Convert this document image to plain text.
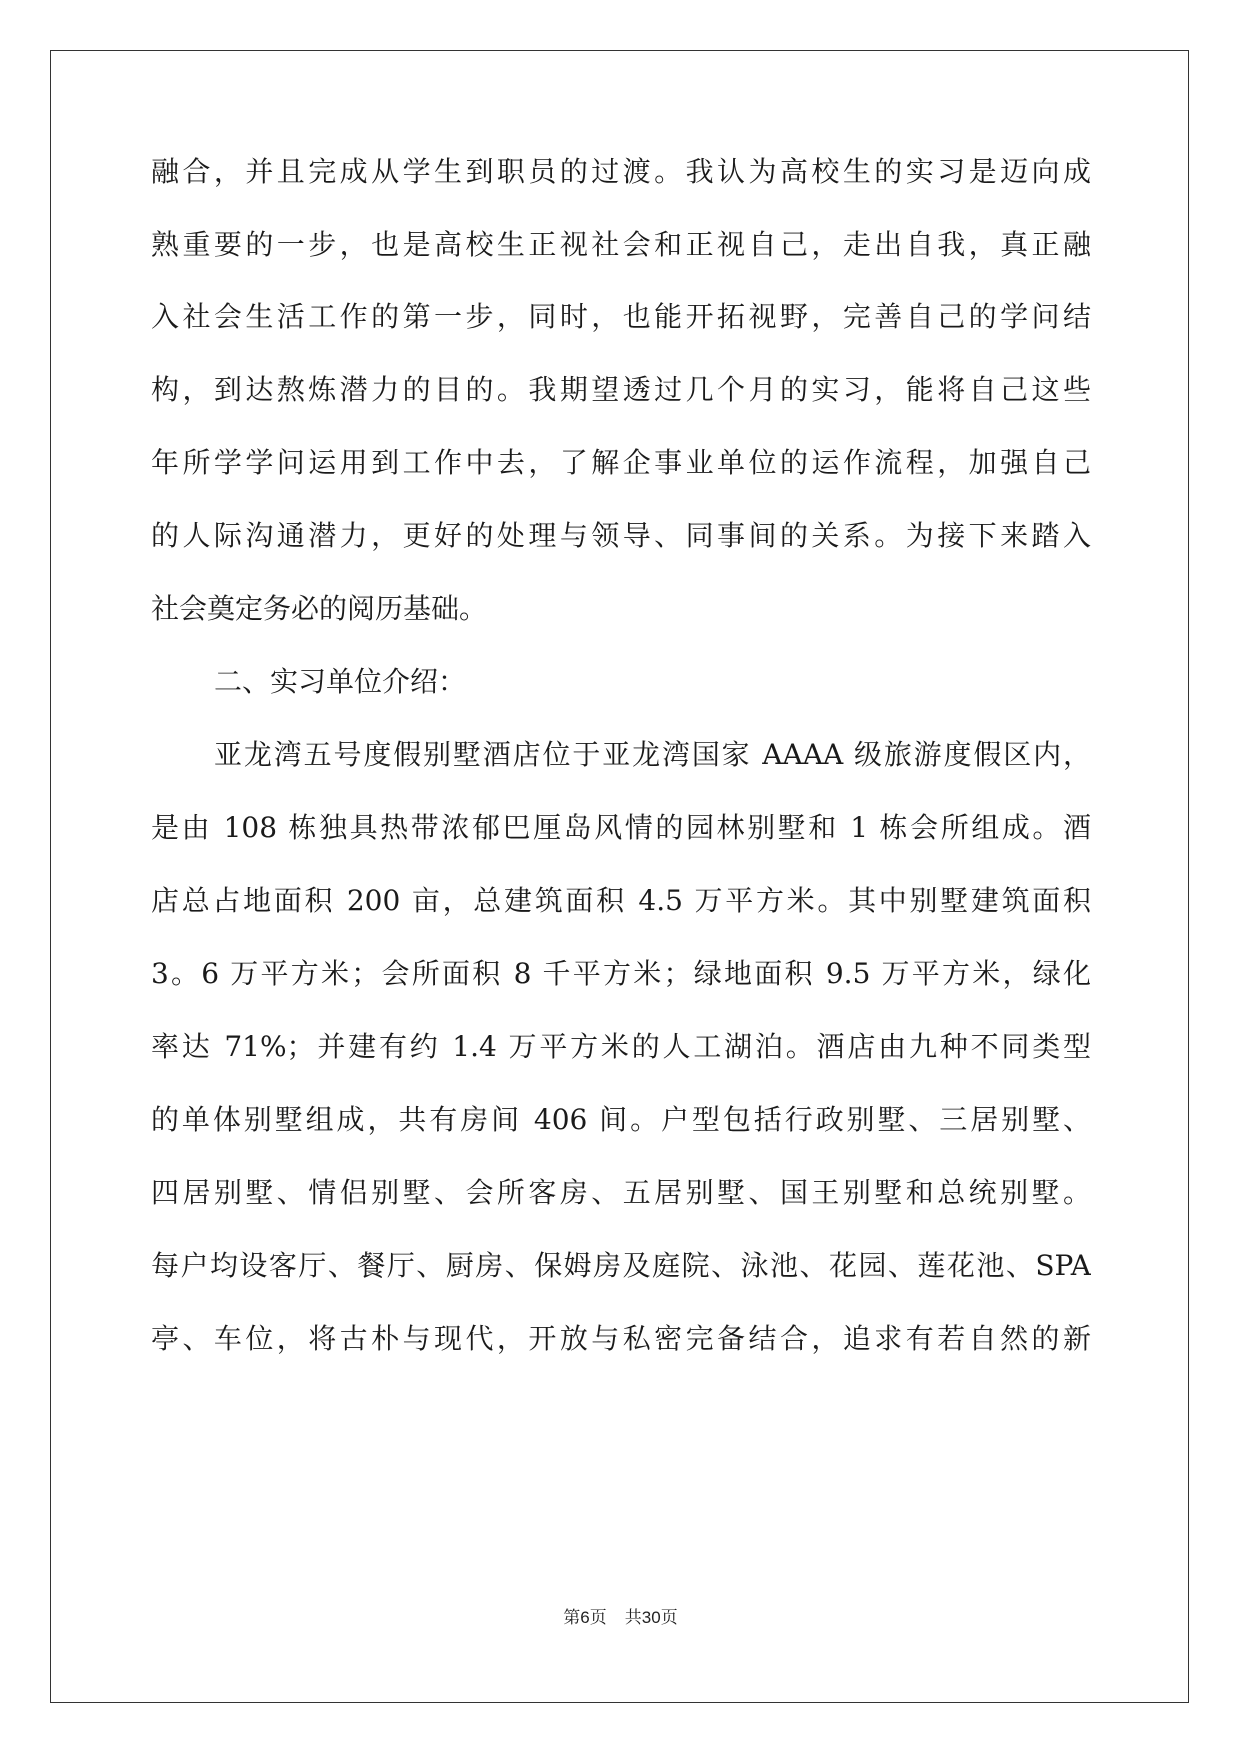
融合，并且完成从学生到职员的过渡。我认为高校生的实习是迈向成
熟重要的一步，也是高校生正视社会和正视自己，走出自我，真正融
入社会生活工作的第一步，同时，也能开拓视野，完善自己的学问结
构，到达熬炼潜力的目的。我期望透过几个月的实习，能将自己这些
年所学学问运用到工作中去，了解企事业单位的运作流程，加强自己
的人际沟通潜力，更好的处理与领导、同事间的关系。为接下来踏入
社会奠定务必的阅历基础。
二、实习单位介绍：
亚龙湾五号度假别墅酒店位于亚龙湾国家 AAAA 级旅游度假区内，
是由 108 栋独具热带浓郁巴厘岛风情的园林别墅和 1 栋会所组成。酒
店总占地面积 200 亩，总建筑面积 4.5 万平方米。其中别墅建筑面积
3。6 万平方米；会所面积 8 千平方米；绿地面积 9.5 万平方米，绿化
率达 71%；并建有约 1.4 万平方米的人工湖泊。酒店由九种不同类型
的单体别墅组成，共有房间 406 间。户型包括行政别墅、三居别墅、
四居别墅、情侣别墅、会所客房、五居别墅、国王别墅和总统别墅。
每户均设客厅、餐厅、厨房、保姆房及庭院、泳池、花园、莲花池、SPA
亭、车位，将古朴与现代，开放与私密完备结合，追求有若自然的新
第6页 共30页
